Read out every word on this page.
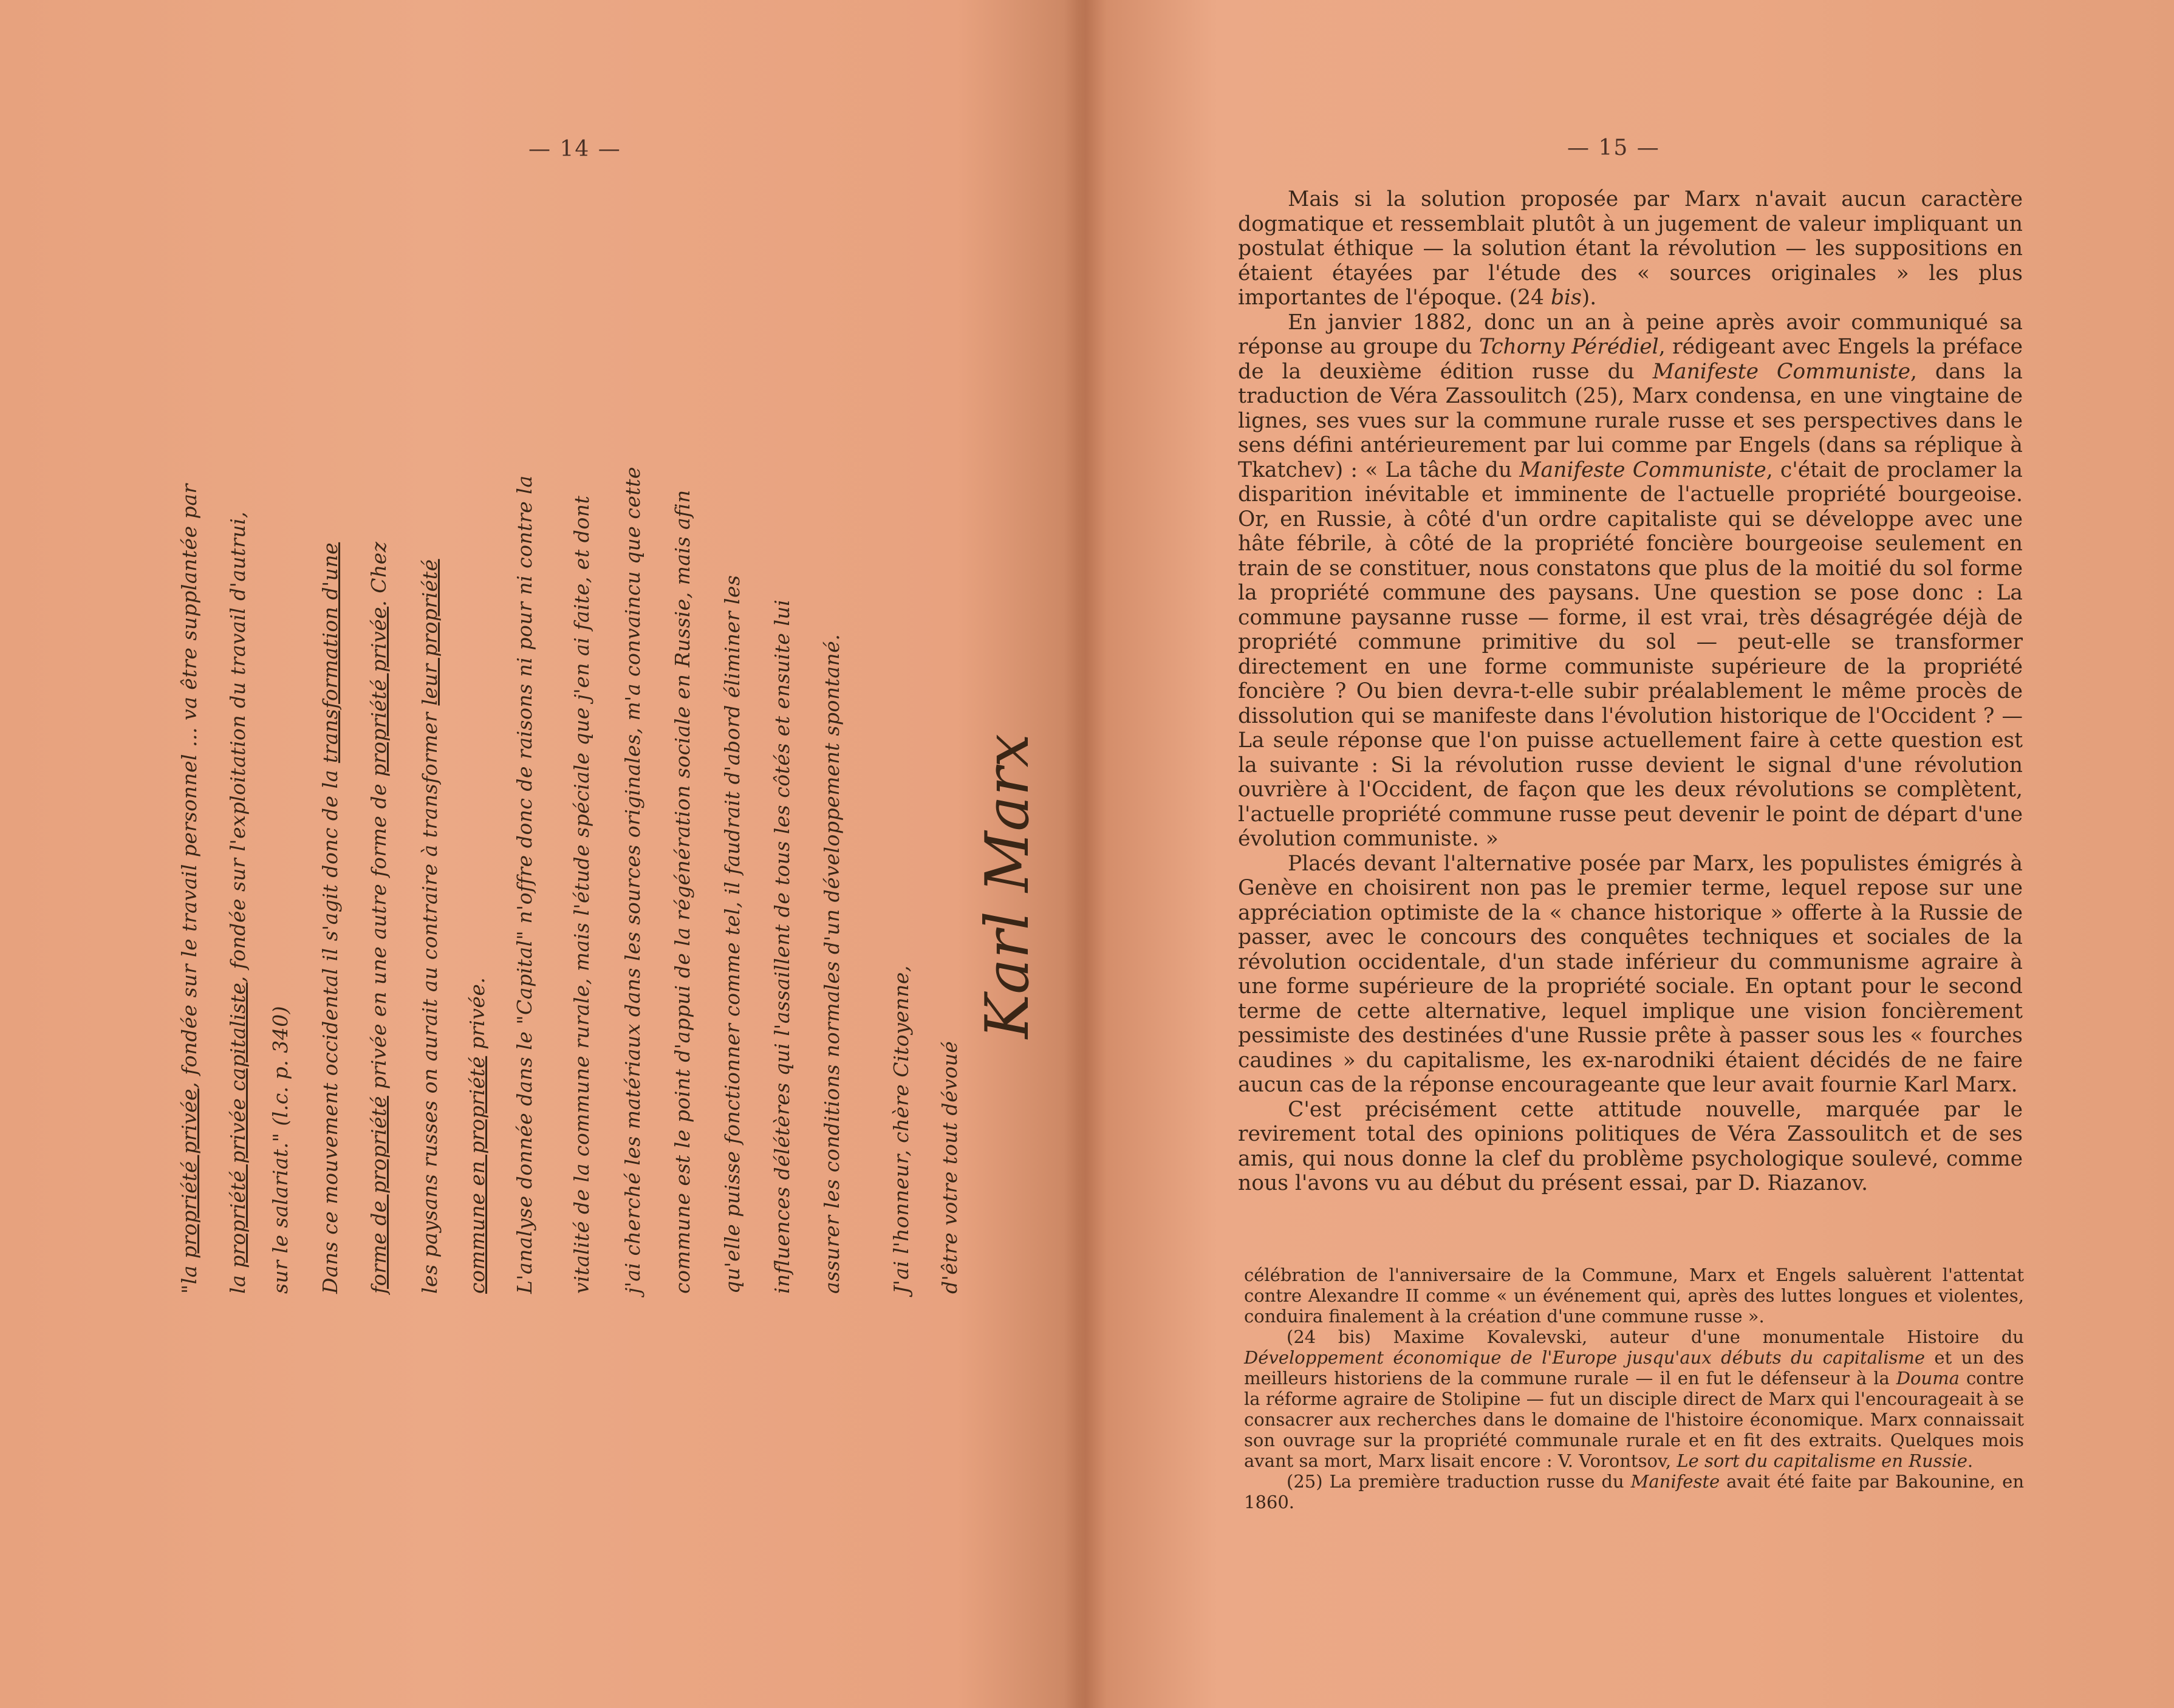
— 14 —	— 15 —
"la propriété privée, fondée sur le travail personnel ... va être supplantée par
la propriété privée capitaliste, fondée sur l'exploitation du travail d'autrui,
sur le salariat." (l.c. p. 340) Dans ce mouvement occidental il s'agit donc de la transformation d'une
forme de propriété privée en une autre forme de propriété privée. Chez
les paysans russes on aurait au contraire à transformer leur propriété
commune en propriété privée. L'analyse donnée dans le "Capital" n'offre donc de raisons ni pour ni contre la vitalité de la commune rurale, mais l'étude spéciale que j'en ai faite, et dont j'ai cherché les matériaux dans les sources originales, m'a convaincu que cette commune est le point d'appui de la régénération sociale en Russie, mais afin qu'elle puisse fonctionner comme tel, il faudrait d'abord éliminer les influences délétères qui l'assaillent de tous les côtés et ensuite lui assurer les conditions normales d'un développement spontané. J'ai l'honneur, chère Citoyenne, d'être votre tout dévoué
Karl Marx

Mais si la solution proposée par Marx n'avait aucun caractère dogmatique et ressemblait plutôt à un jugement de valeur impliquant un postulat éthique — la solution étant la révolution — les suppositions en étaient étayées par l'étude des « sources originales » les plus importantes de l'époque. (24 bis).

En janvier 1882, donc un an à peine après avoir communiqué sa réponse au groupe du Tchorny Pérédiel, rédigeant avec Engels la préface de la deuxième édition russe du Manifeste Communiste, dans la traduction de Véra Zassoulitch (25), Marx condensa, en une vingtaine de lignes, ses vues sur la commune rurale russe et ses perspectives dans le sens défini antérieurement par lui comme par Engels (dans sa réplique à Tkatchev) : « La tâche du Manifeste Communiste, c'était de proclamer la disparition inévitable et imminente de l'actuelle propriété bourgeoise. Or, en Russie, à côté d'un ordre capitaliste qui se développe avec une hâte fébrile, à côté de la propriété foncière bourgeoise seulement en train de se constituer, nous constatons que plus de la moitié du sol forme la propriété commune des paysans. Une question se pose donc : La commune paysanne russe — forme, il est vrai, très désagrégée déjà de propriété commune primitive du sol — peut-elle se transformer directement en une forme communiste supérieure de la propriété foncière ? Ou bien devra-t-elle subir préalablement le même procès de dissolution qui se manifeste dans l'évolution historique de l'Occident ? — La seule réponse que l'on puisse actuellement faire à cette question est la suivante : Si la révolution russe devient le signal d'une révolution ouvrière à l'Occident, de façon que les deux révolutions se complètent, l'actuelle propriété commune russe peut devenir le point de départ d'une évolution communiste. »

Placés devant l'alternative posée par Marx, les populistes émigrés à Genève en choisirent non pas le premier terme, lequel repose sur une appréciation optimiste de la « chance historique » offerte à la Russie de passer, avec le concours des conquêtes techniques et sociales de la révolution occidentale, d'un stade inférieur du communisme agraire à une forme supérieure de la propriété sociale. En optant pour le second terme de cette alternative, lequel implique une vision foncièrement pessimiste des destinées d'une Russie prête à passer sous les « fourches caudines » du capitalisme, les ex-narodniki étaient décidés de ne faire aucun cas de la réponse encourageante que leur avait fournie Karl Marx.

C'est précisément cette attitude nouvelle, marquée par le revirement total des opinions politiques de Véra Zassoulitch et de ses amis, qui nous donne la clef du problème psychologique soulevé, comme nous l'avons vu au début du présent essai, par D. Riazanov.

célébration de l'anniversaire de la Commune, Marx et Engels saluèrent l'attentat contre Alexandre II comme « un événement qui, après des luttes longues et violentes, conduira finalement à la création d'une commune russe ».

(24 bis) Maxime Kovalevski, auteur d'une monumentale Histoire du Développement économique de l'Europe jusqu'aux débuts du capitalisme et un des meilleurs historiens de la commune rurale — il en fut le défenseur à la Douma contre la réforme agraire de Stolipine — fut un disciple direct de Marx qui l'encourageait à se consacrer aux recherches dans le domaine de l'histoire économique. Marx connaissait son ouvrage sur la propriété communale rurale et en fit des extraits. Quelques mois avant sa mort, Marx lisait encore : V. Vorontsov, Le sort du capitalisme en Russie.

(25) La première traduction russe du Manifeste avait été faite par Bakounine, en 1860.
